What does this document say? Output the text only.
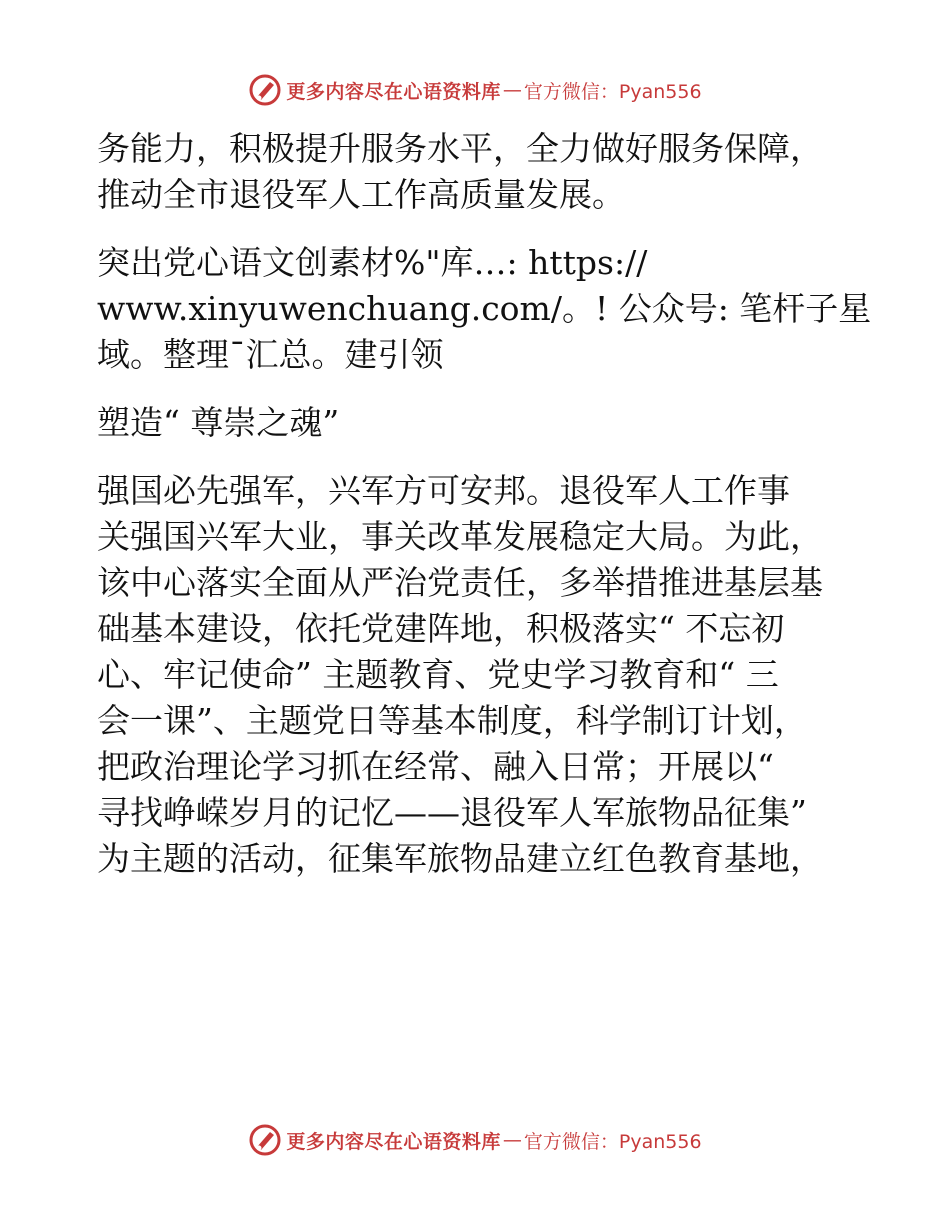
更多内容尽在心语资料库 — 官方微信：Pyan556

务能力，积极提升服务水平，全力做好服务保障，
推动全市退役军人工作高质量发展。

突出党心语文创素材%"库…: https://
www.xinyuwenchuang.com/。! 公众号: 笔杆子星
域。整理¯汇总。建引领

塑造“ 尊崇之魂”

强国必先强军，兴军方可安邦。退役军人工作事
关强国兴军大业，事关改革发展稳定大局。为此，
该中心落实全面从严治党责任，多举措推进基层基
础基本建设，依托党建阵地，积极落实“ 不忘初
心、牢记使命” 主题教育、党史学习教育和“ 三
会一课”、主题党日等基本制度，科学制订计划，
把政治理论学习抓在经常、融入日常；开展以“
寻找峥嵘岁月的记忆——退役军人军旅物品征集”
为主题的活动，征集军旅物品建立红色教育基地，

更多内容尽在心语资料库 — 官方微信：Pyan556
